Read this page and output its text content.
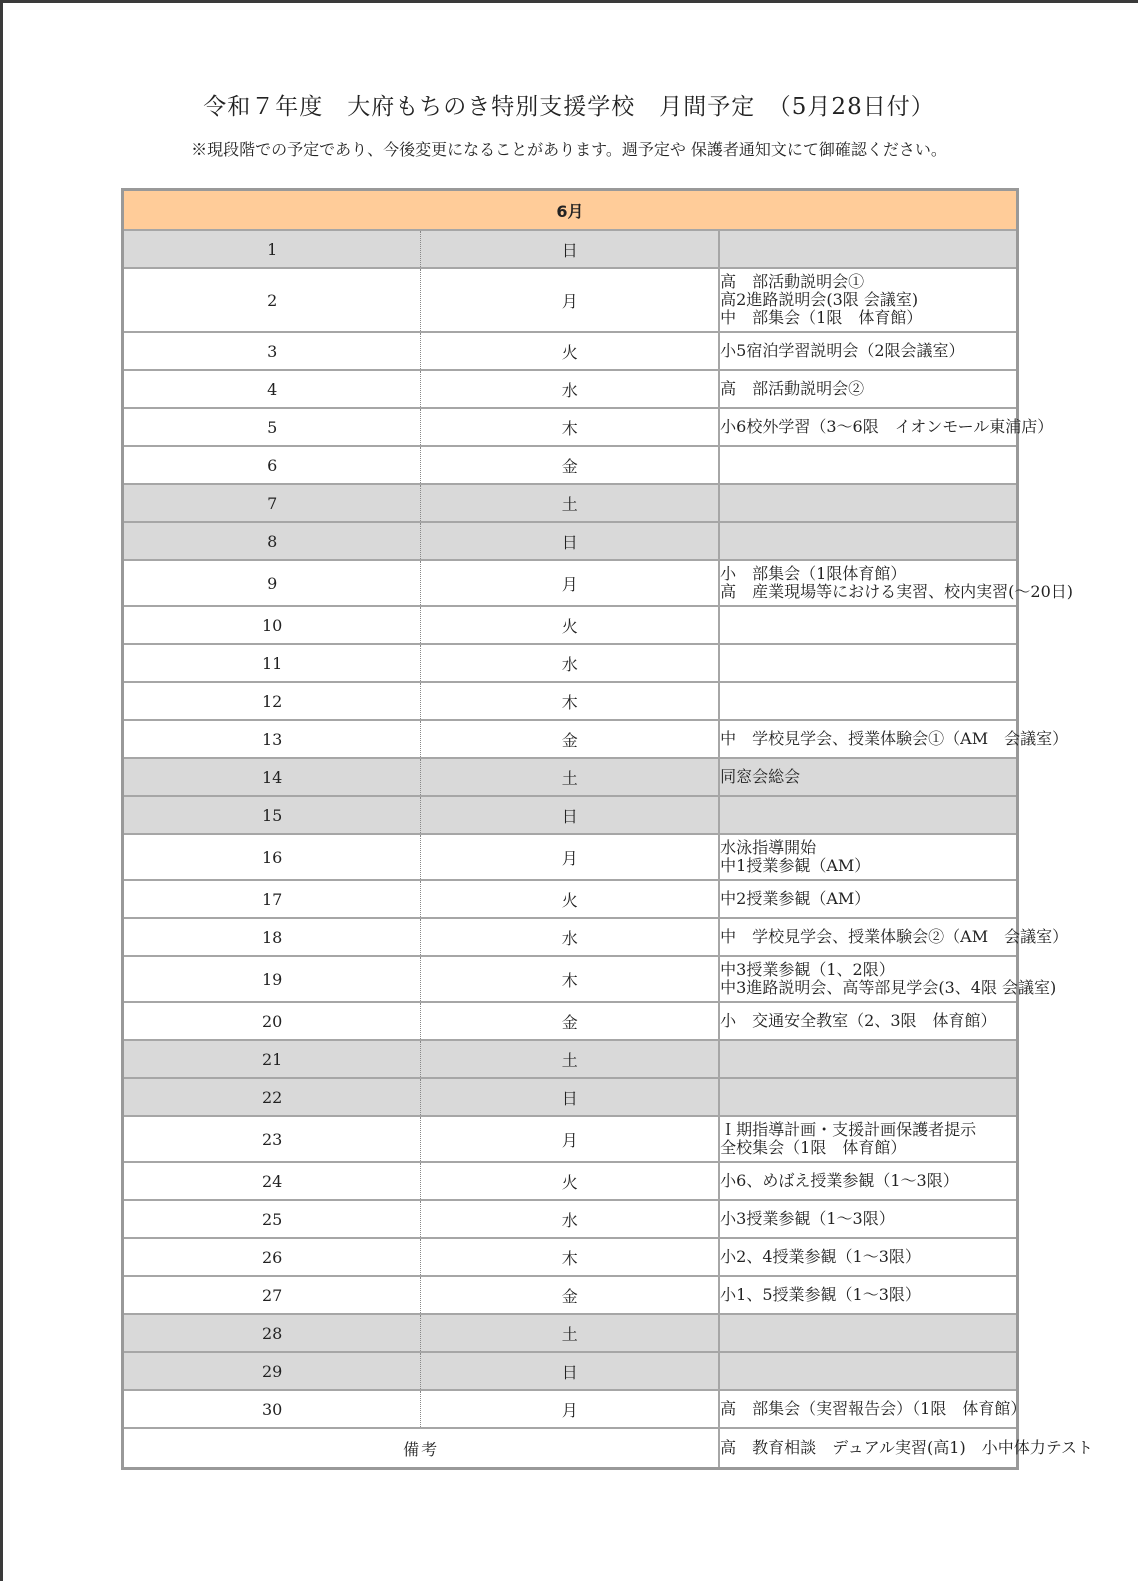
令和７年度　大府もちのき特別支援学校　月間予定　（5月28日付）
※現段階での予定であり、今後変更になることがあります。週予定や 保護者通知文にて御確認ください。
6月		
1	日	
2	月	高　部活動説明会①
高2進路説明会(3限 会議室)
中　部集会（1限　体育館）

3	火	小5宿泊学習説明会（2限会議室）

4	水	高　部活動説明会②

5	木	小6校外学習（3～6限　イオンモール東浦店）

6	金	
7	土	
8	日	
9	月	小　部集会（1限体育館）
高　産業現場等における実習、校内実習(～20日)

10	火	
11	水	
12	木	
13	金	中　学校見学会、授業体験会①（AM　会議室）

14	土	同窓会総会

15	日	
16	月	水泳指導開始
中1授業参観（AM）

17	火	中2授業参観（AM）

18	水	中　学校見学会、授業体験会②（AM　会議室）

19	木	中3授業参観（1、2限）
中3進路説明会、高等部見学会(3、4限 会議室)

20	金	小　交通安全教室（2、3限　体育館）

21	土	
22	日	
23	月	Ｉ期指導計画・支援計画保護者提示
全校集会（1限　体育館）

24	火	小6、めばえ授業参観（1～3限）

25	水	小3授業参観（1～3限）

26	木	小2、4授業参観（1～3限）

27	金	小1、5授業参観（1～3限）

28	土	
29	日	
30	月	高　部集会（実習報告会）（1限　体育館）

備考		高　教育相談　デュアル実習(高1)　小中体力テスト
